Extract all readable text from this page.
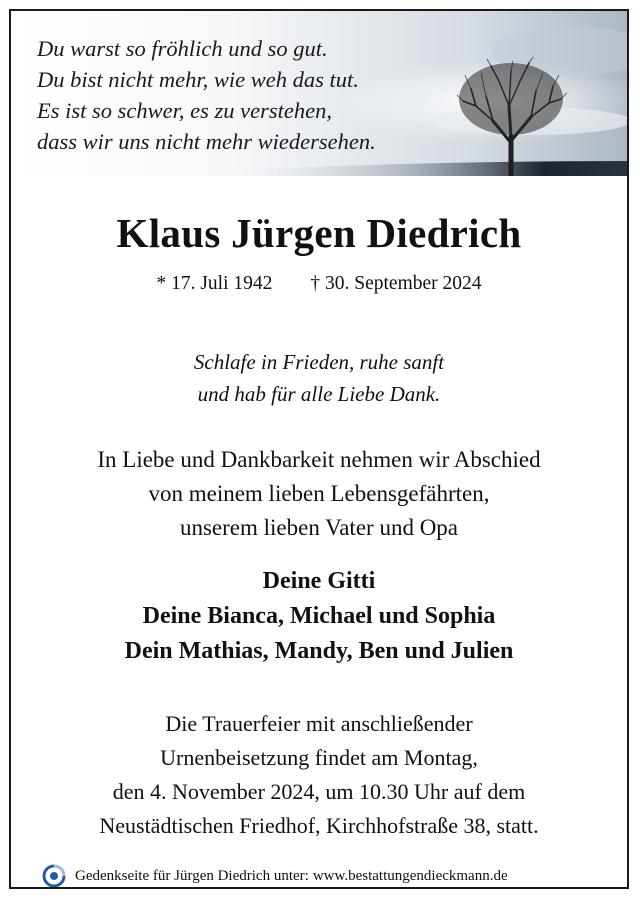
Du warst so fröhlich und so gut.
Du bist nicht mehr, wie weh das tut.
Es ist so schwer, es zu verstehen,
dass wir uns nicht mehr wiedersehen.
Klaus Jürgen Diedrich
* 17. Juli 1942 † 30. September 2024
Schlafe in Frieden, ruhe sanft
und hab für alle Liebe Dank.
In Liebe und Dankbarkeit nehmen wir Abschied
von meinem lieben Lebensgefährten,
unserem lieben Vater und Opa
Deine Gitti
Deine Bianca, Michael und Sophia
Dein Mathias, Mandy, Ben und Julien
Die Trauerfeier mit anschließender
Urnenbeisetzung findet am Montag,
den 4. November 2024, um 10.30 Uhr auf dem
Neustädtischen Friedhof, Kirchhofstraße 38, statt.
Gedenkseite für Jürgen Diedrich unter: www.bestattungendieckmann.de
